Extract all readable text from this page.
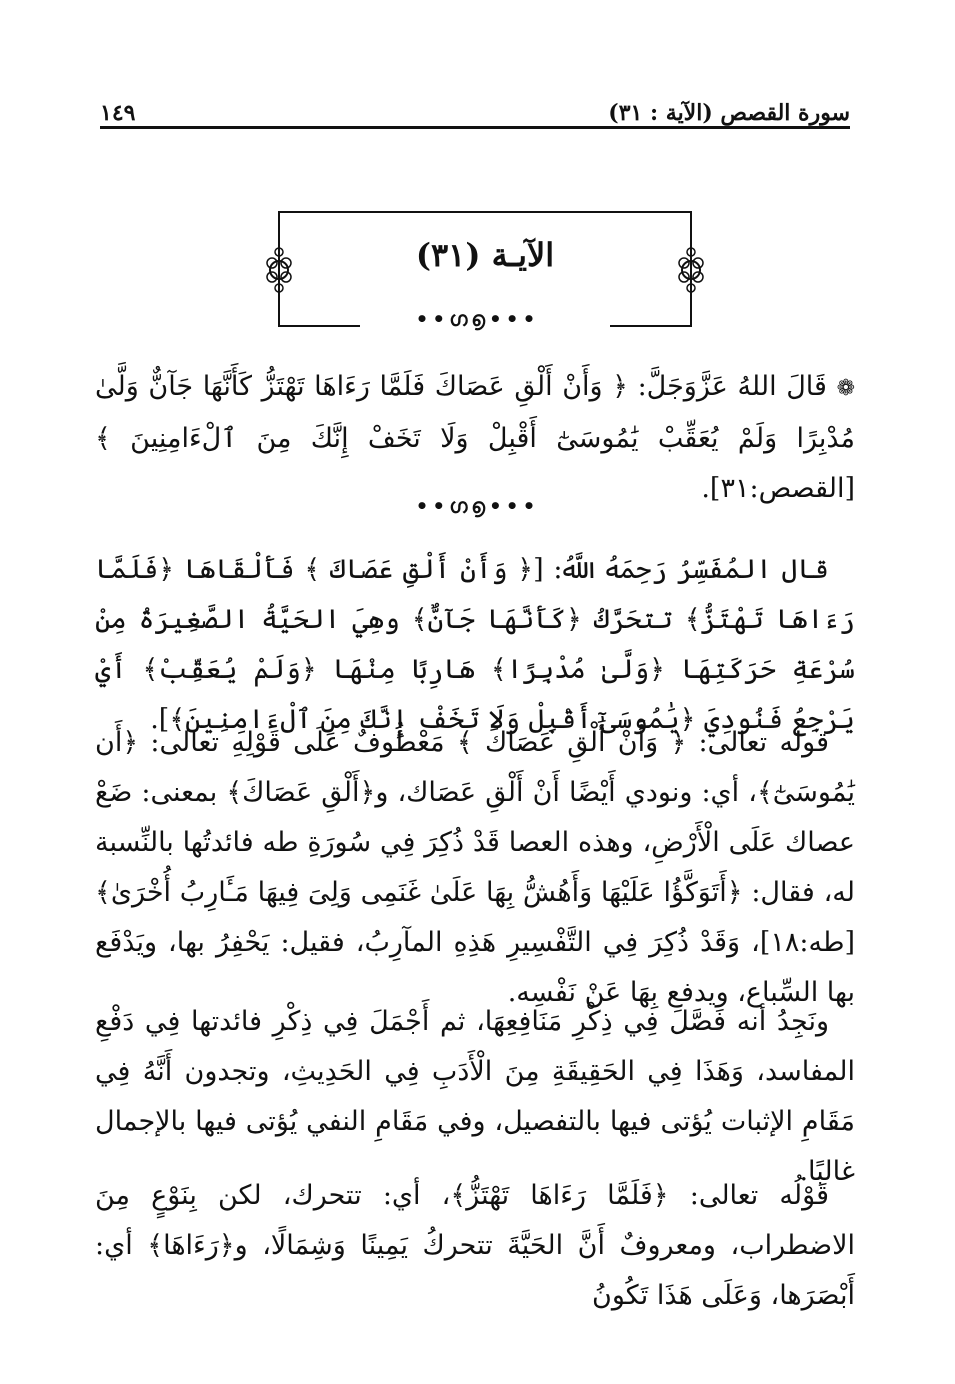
سورة القصص (الآية : ٣١)
١٤٩
الآيـة (٣١)
•••ഗ൭••

❁ قَالَ اللهُ عَزَّوَجَلَّ: ﴿ وَأَنْ أَلْقِ عَصَاكَ فَلَمَّا رَءَاهَا تَهْتَزُّ كَأَنَّهَا جَآنٌّ وَلَّىٰ مُدْبِرًا وَلَمْ يُعَقِّبْ يَٰمُوسَىٰٓ أَقْبِلْ وَلَا تَخَفْ إِنَّكَ مِنَ ٱلْءَامِنِينَ ﴾ [القصص:٣١].

•••ഗ൭••

قال المُفَسِّرُ رَحِمَهُ اللَّهُ: [﴿ وَأَنْ أَلْقِ عَصَاكَ ﴾ فَأَلْقَاهَا ﴿فَلَمَّا رَءَاهَا تَهْتَزُّ﴾ تتحَرَّكُ ﴿كَأَنَّهَا جَآنٌّ﴾ وهِيَ الحَيَّةُ الصَّغِيرَةُ مِنْ سُرْعَةِ حَرَكَتِهَا ﴿وَلَّىٰ مُدْبِرًا﴾ هَارِبًا مِنْهَا ﴿وَلَمْ يُعَقِّبْ﴾ أَيْ يَرْجِعُ فَنُودِيَ ﴿يَٰمُوسَىٰٓ أَقْبِلْ وَلَا تَخَفْ إِنَّكَ مِنَ ٱلْءَامِنِينَ﴾].

قوله تعالى: ﴿ وَأَنْ أَلْقِ عَصَاكَ ﴾ مَعْطُوفٌ عَلَى قَوْلِهِ تعالى: ﴿أَن يَٰمُوسَىٰٓ﴾، أي: ونودي أَيْضًا أَنْ أَلْقِ عَصَاك، و﴿أَلْقِ عَصَاكَ﴾ بمعنى: ضَعْ عصاك عَلَى الْأَرْضِ، وهذه العصا قَدْ ذُكِرَ فِي سُورَةِ طه فائدتُها بالنِّسبة له، فقال: ﴿أَتَوَكَّؤُا عَلَيْهَا وَأَهُشُّ بِهَا عَلَىٰ غَنَمِى وَلِىَ فِيهَا مَـَٔارِبُ أُخْرَىٰ﴾ [طه:١٨]، وَقَدْ ذُكِرَ فِي التَّفْسِيرِ هَذِهِ المآرِبُ، فقيل: يَحْفِرُ بها، ويَدْفَع بها السِّباع، ويدفع بِهَا عَنْ نَفْسِه.

ونَجِدُ أنه فَصَّلَ فِي ذِكْرِ مَنَافِعِهَا، ثم أَجْمَلَ فِي ذِكْرِ فائدتها فِي دَفْعِ المفاسد، وَهَذَا فِي الحَقِيقَةِ مِنَ الْأَدَبِ فِي الحَدِيثِ، وتجدون أَنَّهُ فِي مَقَامِ الإثبات يُؤتى فيها بالتفصيل، وفي مَقَامِ النفي يُؤتى فيها بالإجمال غالبًا.

قَوْلُه تعالى: ﴿فَلَمَّا رَءَاهَا تَهْتَزُّ﴾، أي: تتحرك، لكن بِنَوْعٍ مِنَ الاضطراب، ومعروفٌ أَنَّ الحَيَّةَ تتحركُ يَمِينًا وَشِمَالًا، و﴿رَءَاهَا﴾ أي: أَبْصَرَها، وَعَلَى هَذَا تَكُونُ
